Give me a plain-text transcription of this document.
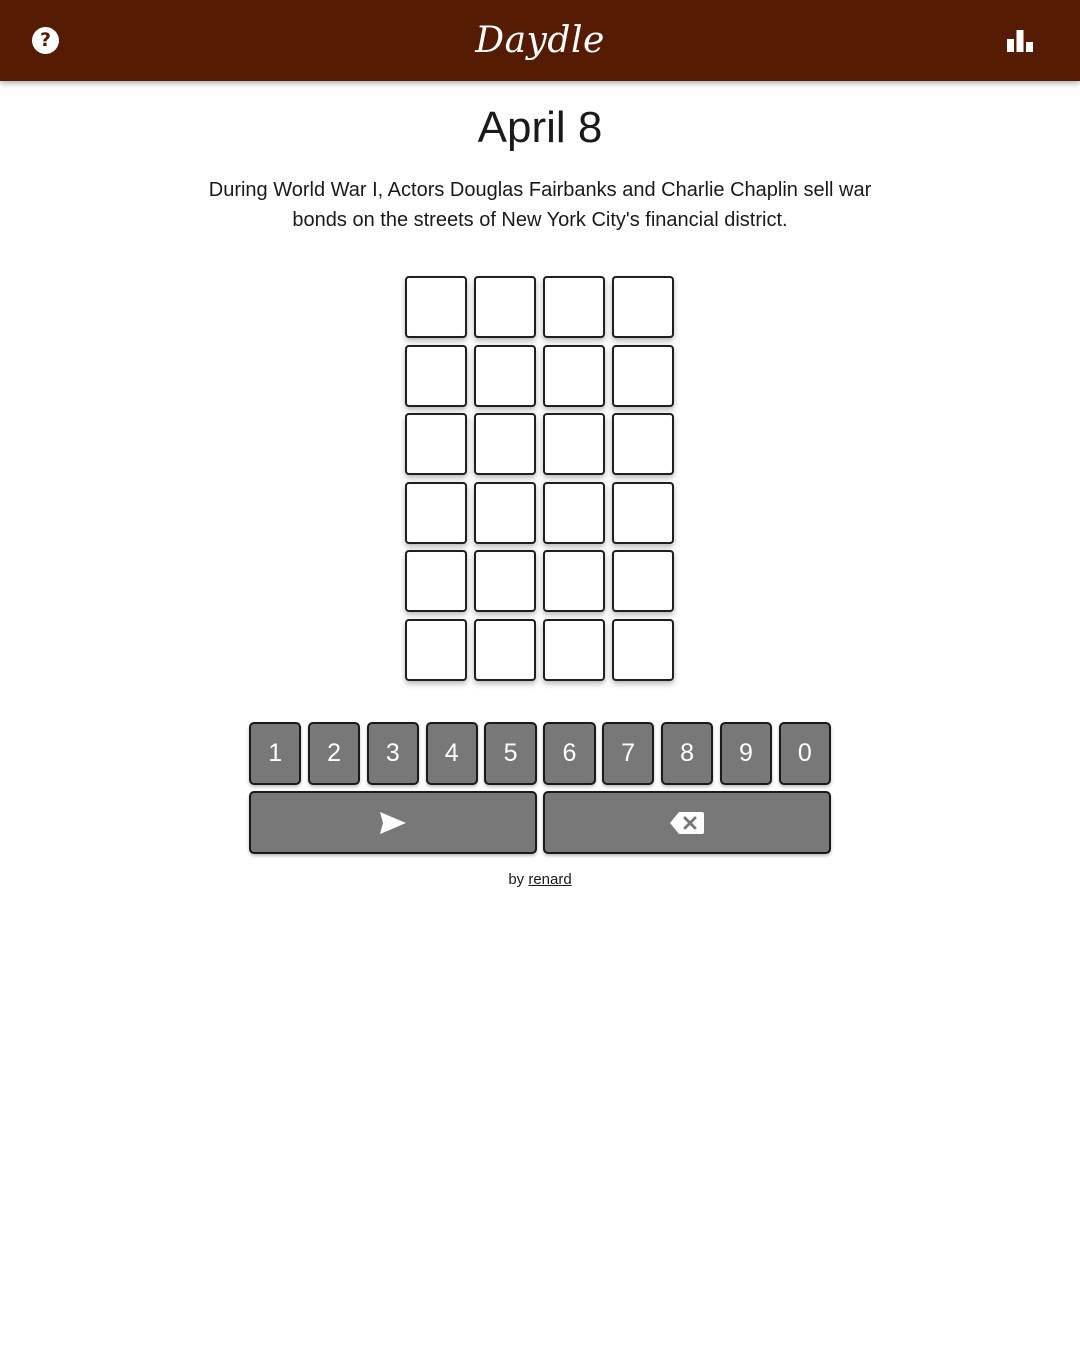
?	Daydle
April 8
During World War I, Actors Douglas Fairbanks and Charlie Chaplin sell war bonds on the streets of New York City's financial district.
1	2	3	4	5	6	7	8	9	0
by renard
